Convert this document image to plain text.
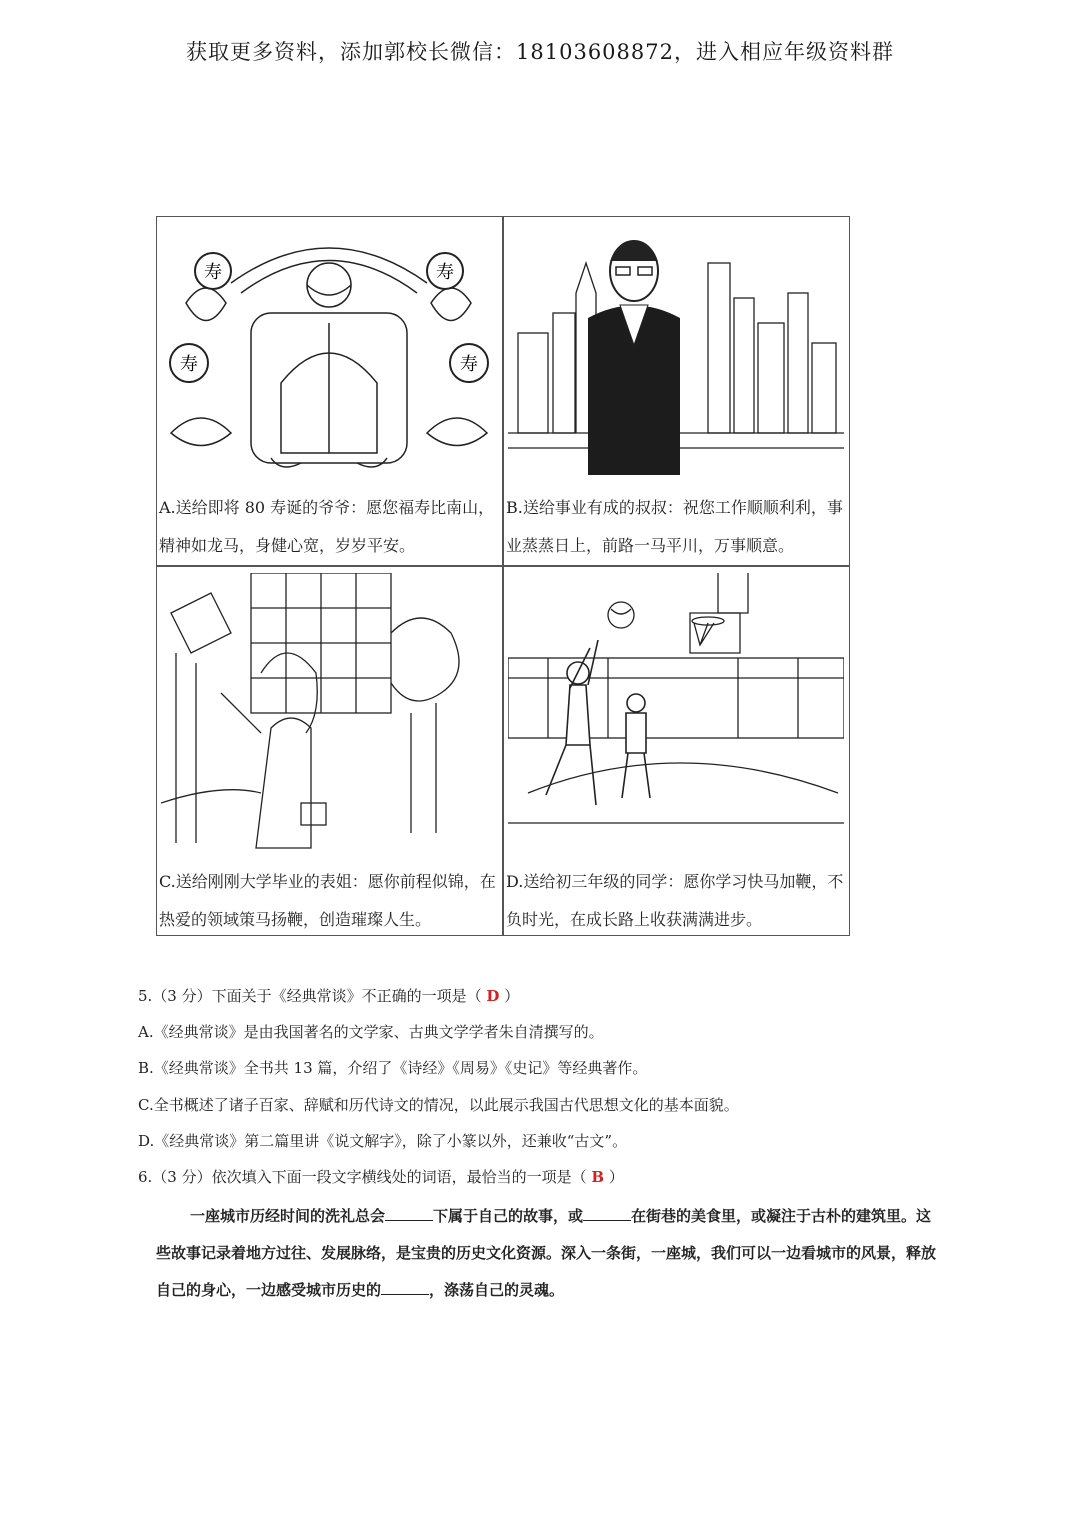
获取更多资料，添加郭校长微信：18103608872，进入相应年级资料群
寿	寿
寿	寿
A.送给即将 80 寿诞的爷爷：愿您福寿比南山，精神如龙马，身健心宽，岁岁平安。
B.送给事业有成的叔叔：祝您工作顺顺利利，事业蒸蒸日上，前路一马平川，万事顺意。
C.送给刚刚大学毕业的表姐：愿你前程似锦，在热爱的领域策马扬鞭，创造璀璨人生。
D.送给初三年级的同学：愿你学习快马加鞭，不负时光，在成长路上收获满满进步。
5.（3 分）下面关于《经典常谈》不正确的一项是（ D ）
A.《经典常谈》是由我国著名的文学家、古典文学学者朱自清撰写的。
B.《经典常谈》全书共 13 篇，介绍了《诗经》《周易》《史记》等经典著作。
C.全书概述了诸子百家、辞赋和历代诗文的情况，以此展示我国古代思想文化的基本面貌。
D.《经典常谈》第二篇里讲《说文解字》，除了小篆以外，还兼收“古文”。
6.（3 分）依次填入下面一段文字横线处的词语，最恰当的一项是（ B ）
一座城市历经时间的洗礼总会	下属于自己的故事，或	在街巷的美食里，或凝注于古朴的建筑里。这些故事记录着地方过往、发展脉络，是宝贵的历史文化资源。深入一条街，一座城，我们可以一边看城市的风景，释放自己的身心，一边感受城市历史的	，涤荡自己的灵魂。
